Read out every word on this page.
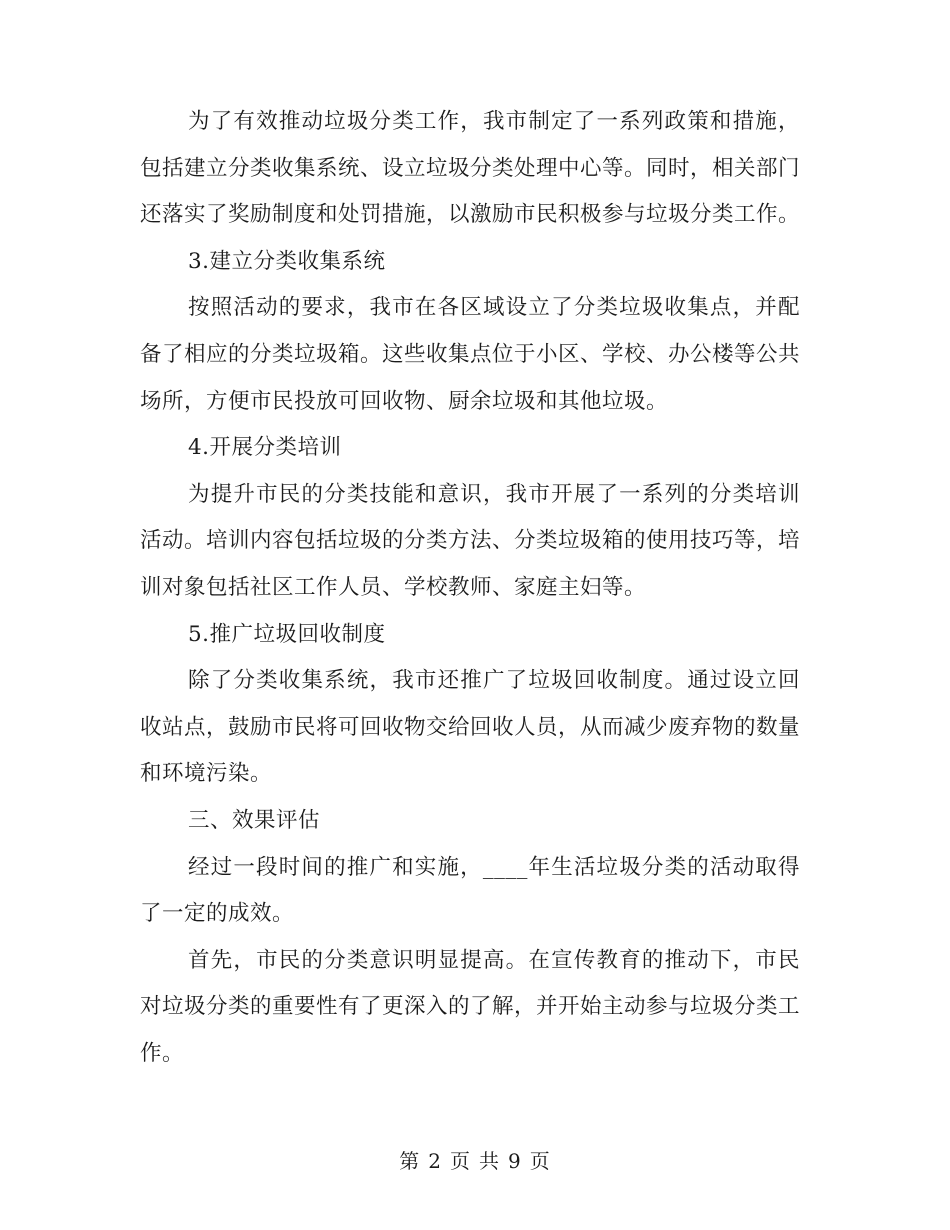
为了有效推动垃圾分类工作，我市制定了一系列政策和措施，包括建立分类收集系统、设立垃圾分类处理中心等。同时，相关部门还落实了奖励制度和处罚措施，以激励市民积极参与垃圾分类工作。

3.建立分类收集系统

按照活动的要求，我市在各区域设立了分类垃圾收集点，并配备了相应的分类垃圾箱。这些收集点位于小区、学校、办公楼等公共场所，方便市民投放可回收物、厨余垃圾和其他垃圾。

4.开展分类培训

为提升市民的分类技能和意识，我市开展了一系列的分类培训活动。培训内容包括垃圾的分类方法、分类垃圾箱的使用技巧等，培训对象包括社区工作人员、学校教师、家庭主妇等。

5.推广垃圾回收制度

除了分类收集系统，我市还推广了垃圾回收制度。通过设立回收站点，鼓励市民将可回收物交给回收人员，从而减少废弃物的数量和环境污染。

三、效果评估

经过一段时间的推广和实施，____年生活垃圾分类的活动取得了一定的成效。

首先，市民的分类意识明显提高。在宣传教育的推动下，市民对垃圾分类的重要性有了更深入的了解，并开始主动参与垃圾分类工作。

第 2 页 共 9 页
